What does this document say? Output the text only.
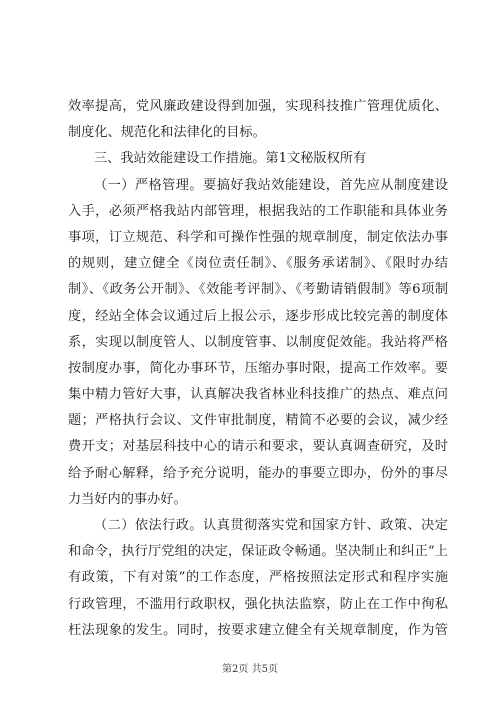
效率提高，党风廉政建设得到加强，实现科技推广管理优质化、
制度化、规范化和法律化的目标。
三、我站效能建设工作措施。第1文秘版权所有
（一）严格管理。要搞好我站效能建设，首先应从制度建设
入手，必须严格我站内部管理，根据我站的工作职能和具体业务
事项，订立规范、科学和可操作性强的规章制度，制定依法办事
的规则，建立健全《岗位责任制》、《服务承诺制》、《限时办结
制》、《政务公开制》、《效能考评制》、《考勤请销假制》等6项制
度，经站全体会议通过后上报公示，逐步形成比较完善的制度体
系，实现以制度管人、以制度管事、以制度促效能。我站将严格
按制度办事，简化办事环节，压缩办事时限，提高工作效率。要
集中精力管好大事，认真解决我省林业科技推广的热点、难点问
题；严格执行会议、文件审批制度，精简不必要的会议，减少经
费开支；对基层科技中心的请示和要求，要认真调查研究，及时
给予耐心解释，给予充分说明，能办的事要立即办，份外的事尽
力当好内的事办好。
（二）依法行政。认真贯彻落实党和国家方针、政策、决定
和命令，执行厅党组的决定，保证政令畅通。坚决制止和纠正“上
有政策，下有对策”的工作态度，严格按照法定形式和程序实施
行政管理，不滥用行政职权，强化执法监察，防止在工作中徇私
枉法现象的发生。同时，按要求建立健全有关规章制度，作为管
第2页 共5页
